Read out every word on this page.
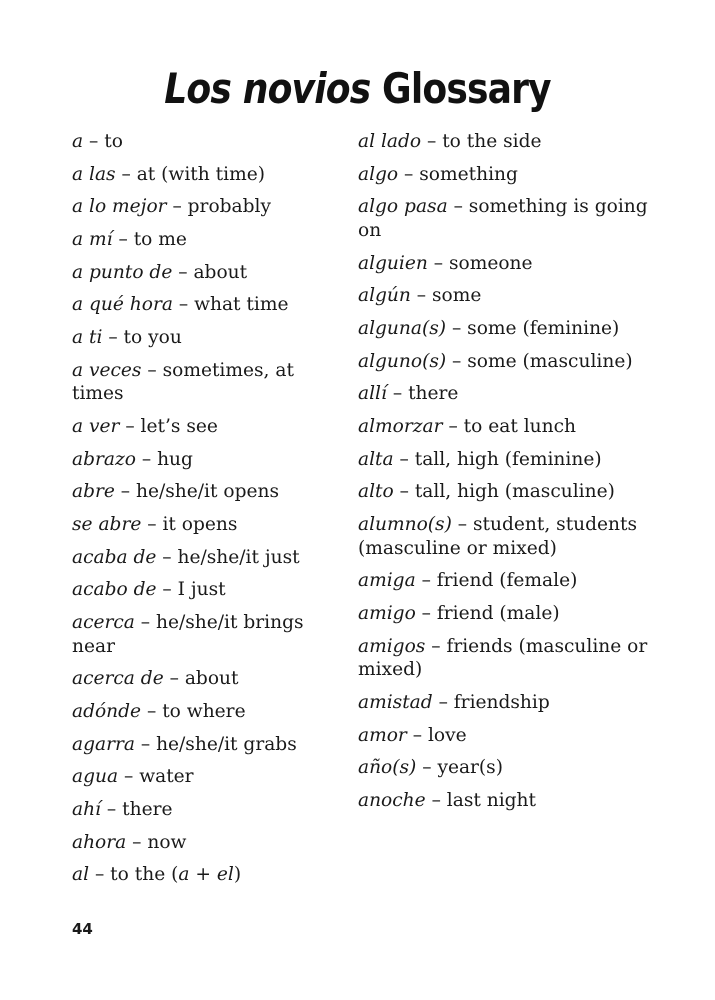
Los novios Glossary
a – to
a las – at (with time)
a lo mejor – probably
a mí – to me
a punto de – about
a qué hora – what time
a ti – to you
a veces – sometimes, at times
a ver – let’s see
abrazo – hug
abre – he/she/it opens
se abre – it opens
acaba de – he/she/it just
acabo de – I just
acerca – he/she/it brings near
acerca de – about
adónde – to where
agarra – he/she/it grabs
agua – water
ahí – there
ahora – now
al – to the (a + el)
al lado – to the side
algo – something
algo pasa – something is going on
alguien – someone
algún – some
alguna(s) – some (feminine)
alguno(s) – some (masculine)
allí – there
almorzar – to eat lunch
alta – tall, high (feminine)
alto – tall, high (masculine)
alumno(s) – student, students (masculine or mixed)
amiga – friend (female)
amigo – friend (male)
amigos – friends (masculine or mixed)
amistad – friendship
amor – love
año(s) – year(s)
anoche – last night
44
